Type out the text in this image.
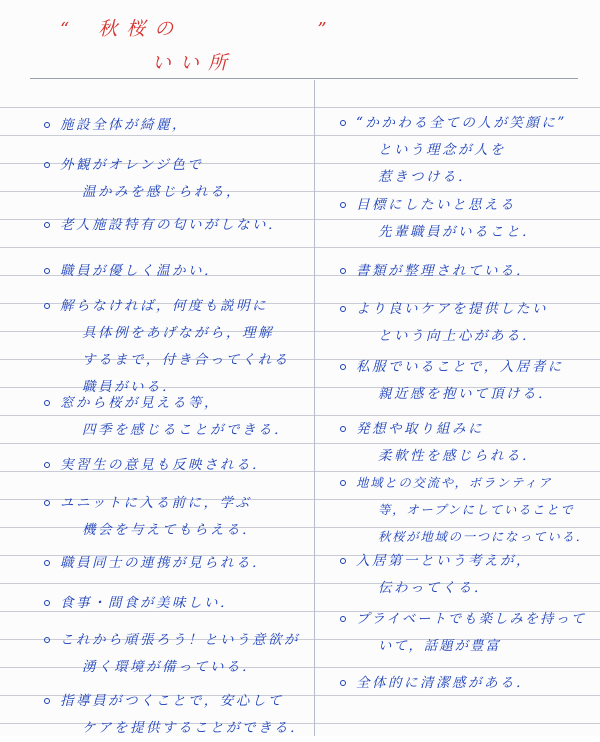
“ 秋桜の	”
いい所
施設全体が綺麗，
外観がオレンジ色で
温かみを感じられる，
老人施設特有の匂いがしない．
職員が優しく温かい．
解らなければ，何度も説明に
具体例をあげながら，理解
するまで，付き合ってくれる
職員がいる．
窓から桜が見える等，
四季を感じることができる．
実習生の意見も反映される．
ユニットに入る前に，学ぶ
機会を与えてもらえる．
職員同士の連携が見られる．
食事・間食が美味しい．
これから頑張ろう！という意欲が
湧く環境が備っている．
指導員がつくことで，安心して
ケアを提供することができる．
“かかわる全ての人が笑顔に”
という理念が人を
惹きつける．
目標にしたいと思える
先輩職員がいること．
書類が整理されている．
より良いケアを提供したい
という向上心がある．
私服でいることで，入居者に
親近感を抱いて頂ける．
発想や取り組みに
柔軟性を感じられる．
地域との交流や，ボランティア
等，オープンにしていることで
秋桜が地域の一つになっている．
入居第一という考えが，
伝わってくる．
プライベートでも楽しみを持って
いて，話題が豊富
全体的に清潔感がある．
